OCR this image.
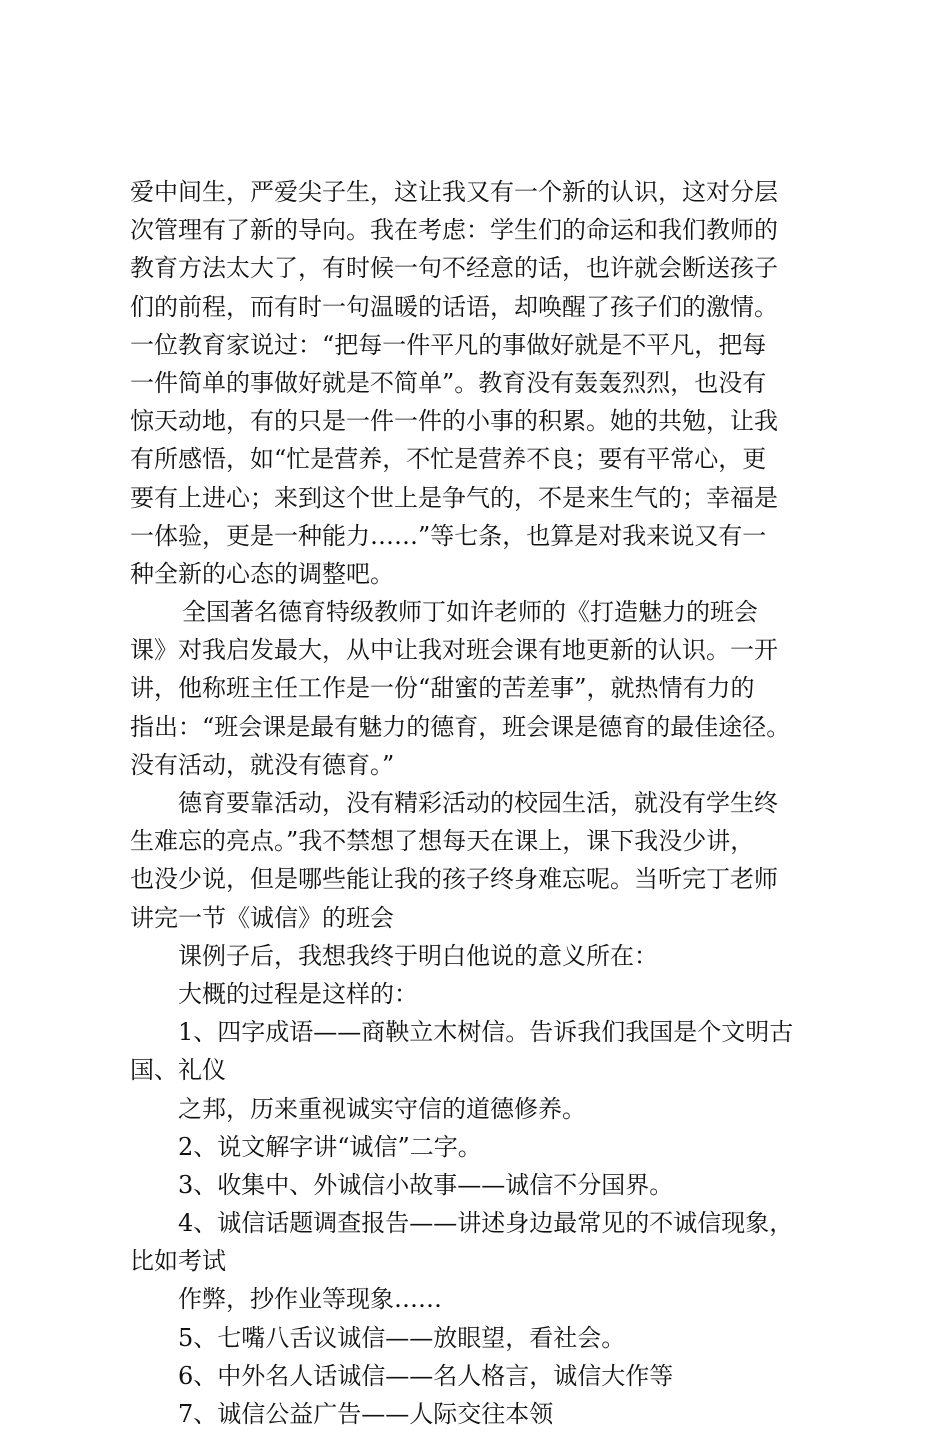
爱中间生，严爱尖子生，这让我又有一个新的认识，这对分层
次管理有了新的导向。我在考虑：学生们的命运和我们教师的
教育方法太大了，有时候一句不经意的话，也许就会断送孩子
们的前程，而有时一句温暖的话语，却唤醒了孩子们的激情。
一位教育家说过：“把每一件平凡的事做好就是不平凡，把每
一件简单的事做好就是不简单”。教育没有轰轰烈烈，也没有
惊天动地，有的只是一件一件的小事的积累。她的共勉，让我
有所感悟，如“忙是营养，不忙是营养不良；要有平常心，更
要有上进心；来到这个世上是争气的，不是来生气的；幸福是
一体验，更是一种能力……”等七条，也算是对我来说又有一
种全新的心态的调整吧。
全国著名德育特级教师丁如许老师的《打造魅力的班会
课》对我启发最大，从中让我对班会课有地更新的认识。一开
讲，他称班主任工作是一份“甜蜜的苦差事”，就热情有力的
指出：“班会课是最有魅力的德育，班会课是德育的最佳途径。
没有活动，就没有德育。”
德育要靠活动，没有精彩活动的校园生活，就没有学生终
生难忘的亮点。”我不禁想了想每天在课上，课下我没少讲，
也没少说，但是哪些能让我的孩子终身难忘呢。当听完丁老师
讲完一节《诚信》的班会
课例子后，我想我终于明白他说的意义所在：
大概的过程是这样的：
1、四字成语——商鞅立木树信。告诉我们我国是个文明古
国、礼仪
之邦，历来重视诚实守信的道德修养。
2、说文解字讲“诚信”二字。
3、收集中、外诚信小故事——诚信不分国界。
4、诚信话题调查报告——讲述身边最常见的不诚信现象，
比如考试
作弊，抄作业等现象……
5、七嘴八舌议诚信——放眼望，看社会。
6、中外名人话诚信——名人格言，诚信大作等
7、诚信公益广告——人际交往本领
